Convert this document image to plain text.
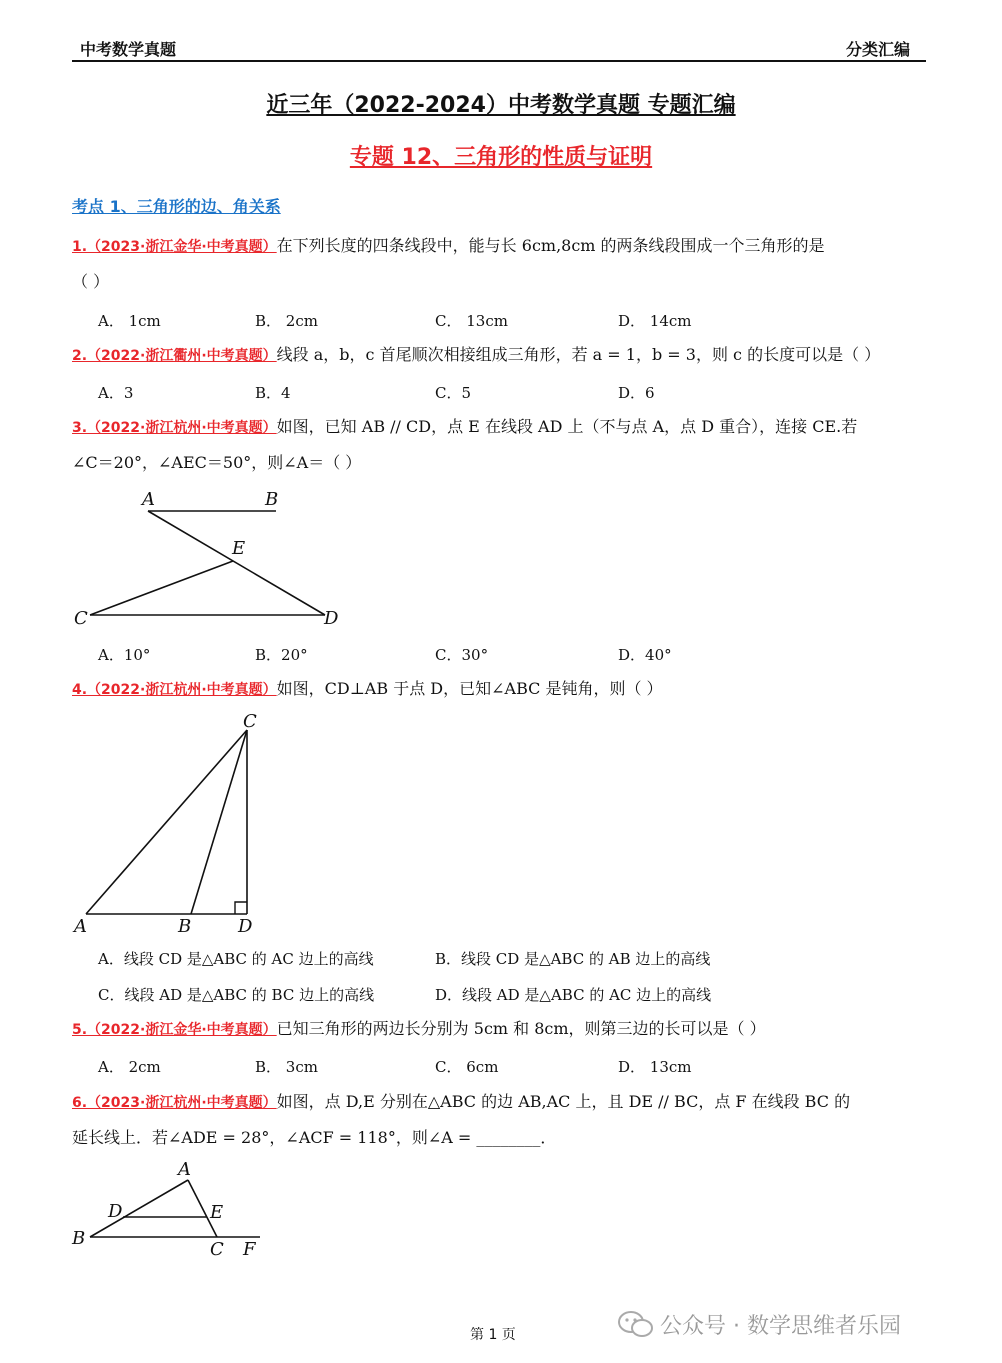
中考数学真题	分类汇编
近三年（2022-2024）中考数学真题 专题汇编
专题 12、三角形的性质与证明
考点 1、三角形的边、角关系
1.（2023·浙江金华·中考真题）在下列长度的四条线段中，能与长 6cm,8cm 的两条线段围成一个三角形的是
（ ）
A． 1cm	B． 2cm	C． 13cm	D． 14cm
2.（2022·浙江衢州·中考真题）线段 a，b，c 首尾顺次相接组成三角形，若 a = 1，b = 3，则 c 的长度可以是（ ）
A．3	B．4	C．5	D．6
3.（2022·浙江杭州·中考真题）如图，已知 AB // CD，点 E 在线段 AD 上（不与点 A，点 D 重合），连接 CE.若
∠C＝20°，∠AEC＝50°，则∠A＝（ ）
A	B
E
C	D
A．10°	B．20°	C．30°	D．40°
4.（2022·浙江杭州·中考真题）如图，CD⊥AB 于点 D，已知∠ABC 是钝角，则（ ）
C
A	B	D
A．线段 CD 是△ABC 的 AC 边上的高线	B．线段 CD 是△ABC 的 AB 边上的高线
C．线段 AD 是△ABC 的 BC 边上的高线	D．线段 AD 是△ABC 的 AC 边上的高线
5.（2022·浙江金华·中考真题）已知三角形的两边长分别为 5cm 和 8cm，则第三边的长可以是（ ）
A． 2cm	B． 3cm	C． 6cm	D． 13cm
6.（2023·浙江杭州·中考真题）如图，点 D,E 分别在△ABC 的边 AB,AC 上，且 DE // BC，点 F 在线段 BC 的
延长线上．若∠ADE = 28°，∠ACF = 118°，则∠A = ________．
A
D	E
B
C F
第 1 页	公众号 · 数学思维者乐园
